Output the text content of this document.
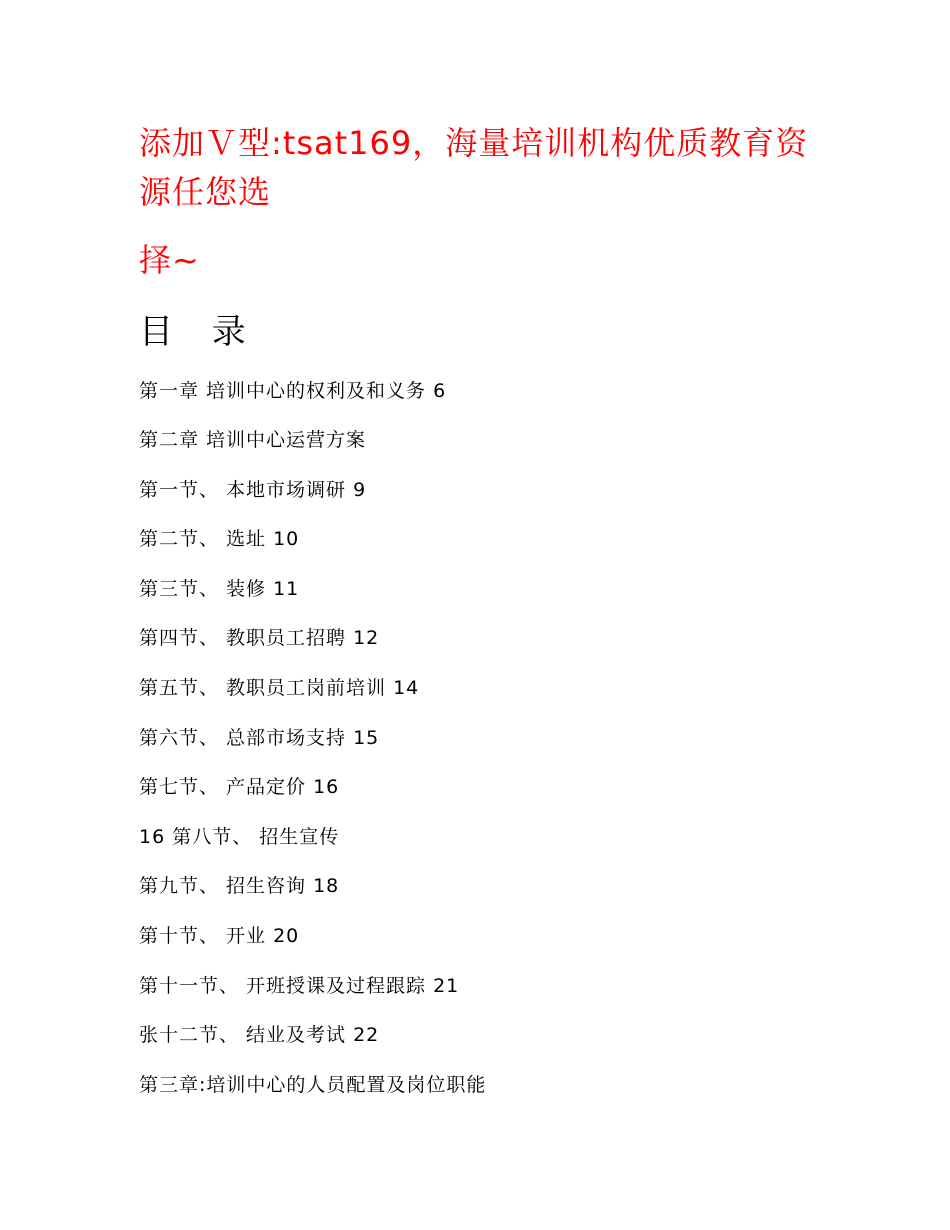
添加Ｖ型:tsat169，海量培训机构优质教育资
源任您选
择~
目 录
第一章 培训中心的权利及和义务 6
第二章 培训中心运营方案
第一节、 本地市场调研 9
第二节、 选址 10
第三节、 装修 11
第四节、 教职员工招聘 12
第五节、 教职员工岗前培训 14
第六节、 总部市场支持 15
第七节、 产品定价 16
16 第八节、 招生宣传
第九节、 招生咨询 18
第十节、 开业 20
第十一节、 开班授课及过程跟踪 21
张十二节、 结业及考试 22
第三章:培训中心的人员配置及岗位职能
